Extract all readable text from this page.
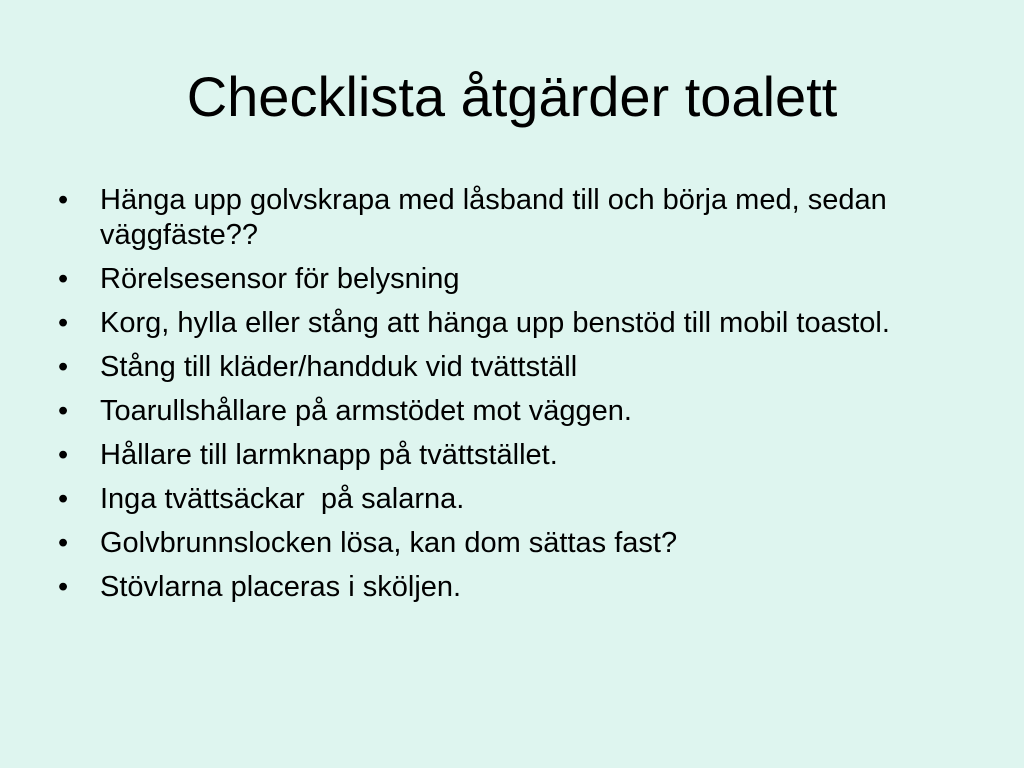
Checklista åtgärder toalett
•	Hänga upp golvskrapa med låsband till och börja med, sedan väggfäste??
•	Rörelsesensor för belysning
•	Korg, hylla eller stång att hänga upp benstöd till mobil toastol.
•	Stång till kläder/handduk vid tvättställ
•	Toarullshållare på armstödet mot väggen.
•	Hållare till larmknapp på tvättstället.
•	Inga tvättsäckar  på salarna.
•	Golvbrunnslocken lösa, kan dom sättas fast?
•	Stövlarna placeras i sköljen.
